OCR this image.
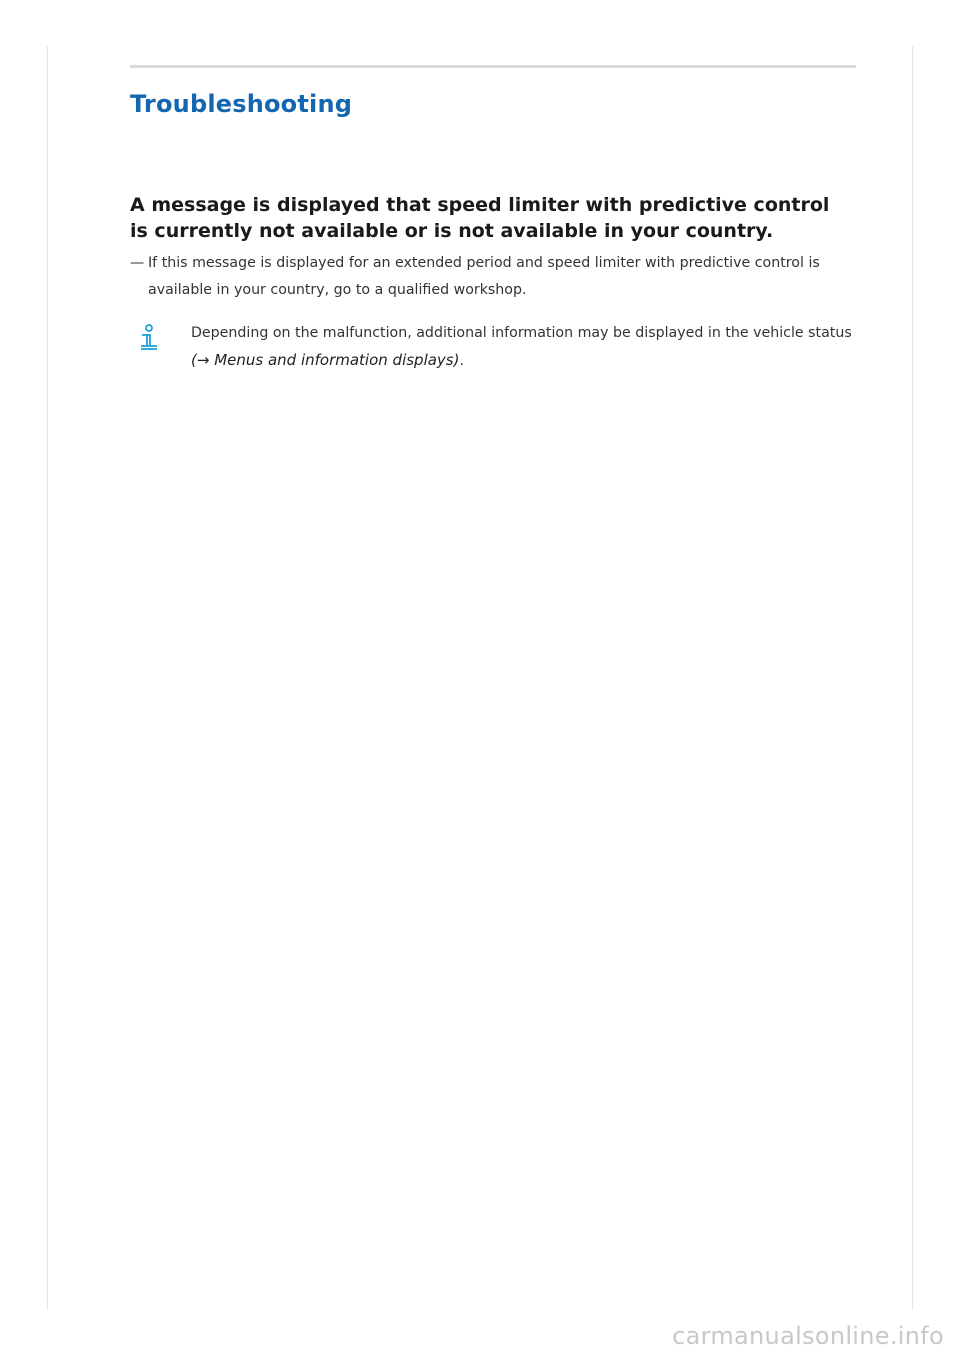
Troubleshooting
A message is displayed that speed limiter with predictive control is currently not available or is not available in your country.
— If this message is displayed for an extended period and speed limiter with predictive control is available in your country, go to a qualified workshop.
Depending on the malfunction, additional information may be displayed in the vehicle status (→ Menus and information displays).
carmanualsonline.info
